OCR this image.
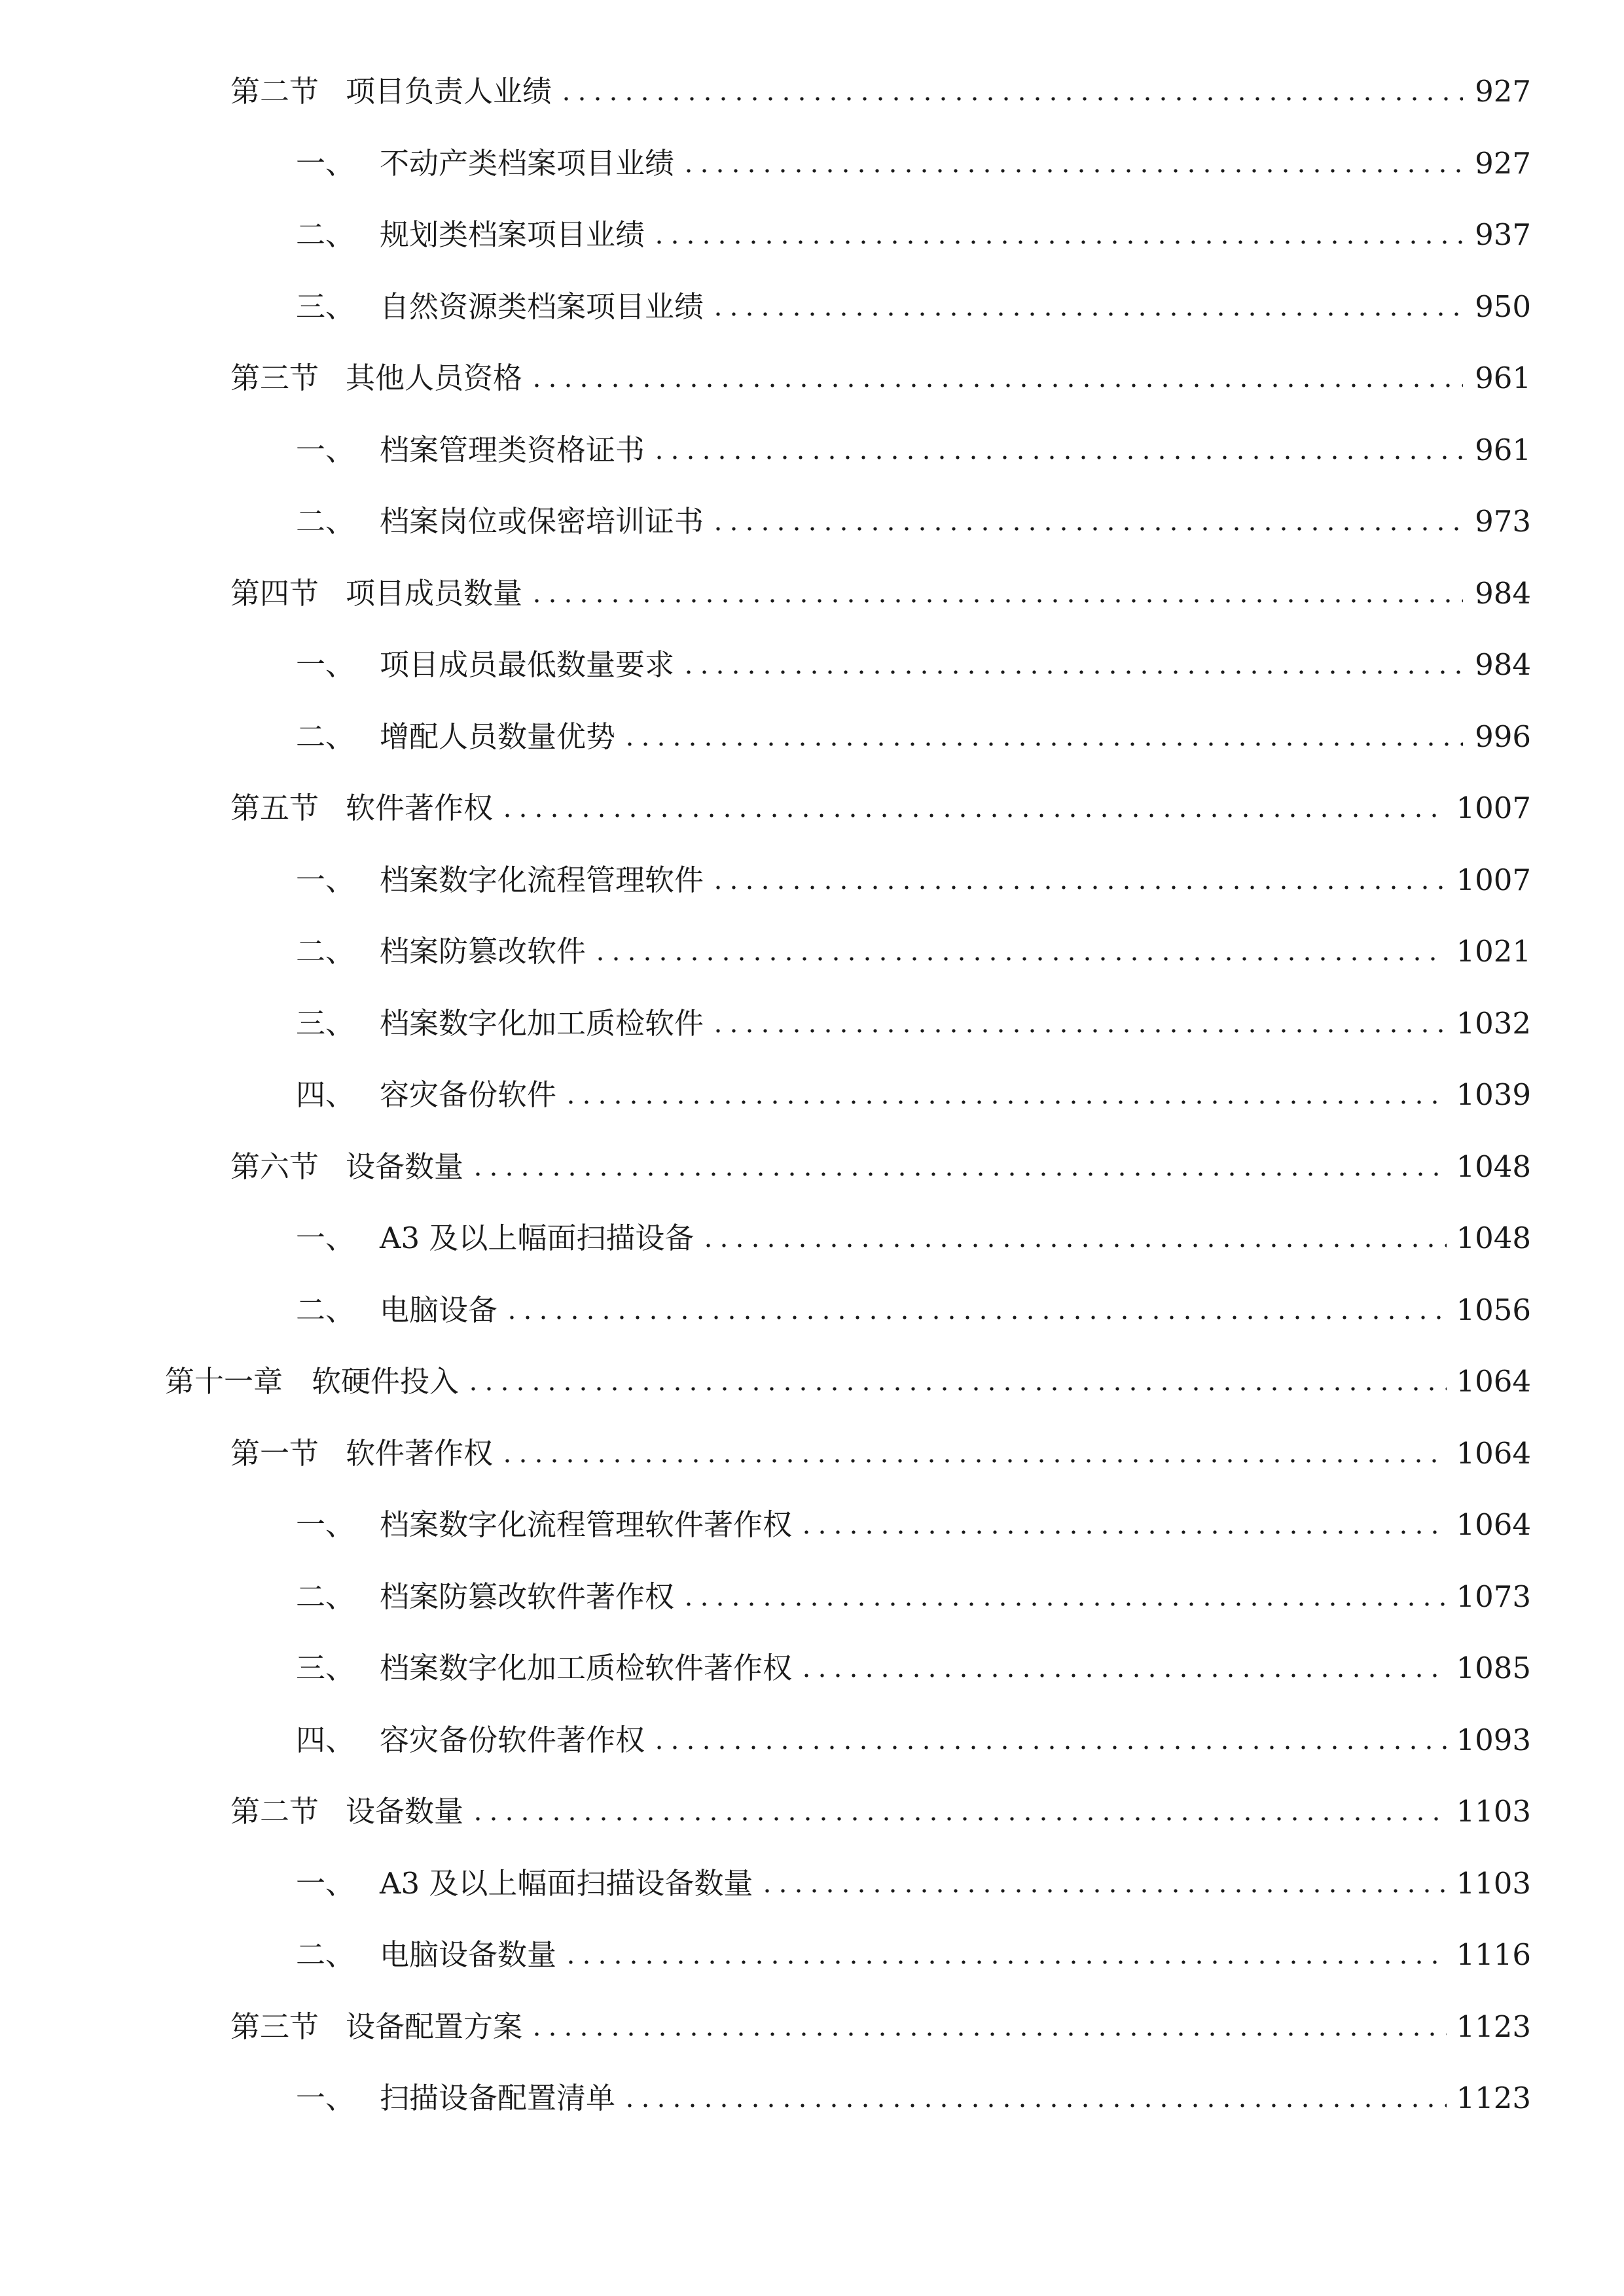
第二节 项目负责人业绩	927
一、 不动产类档案项目业绩	927
二、 规划类档案项目业绩	937
三、 自然资源类档案项目业绩	950
第三节 其他人员资格	961
一、 档案管理类资格证书	961
二、 档案岗位或保密培训证书	973
第四节 项目成员数量	984
一、 项目成员最低数量要求	984
二、 增配人员数量优势	996
第五节 软件著作权	1007
一、 档案数字化流程管理软件	1007
二、 档案防篡改软件	1021
三、 档案数字化加工质检软件	1032
四、 容灾备份软件	1039
第六节 设备数量	1048
一、 A3 及以上幅面扫描设备	1048
二、 电脑设备	1056
第十一章 软硬件投入	1064
第一节 软件著作权	1064
一、 档案数字化流程管理软件著作权	1064
二、 档案防篡改软件著作权	1073
三、 档案数字化加工质检软件著作权	1085
四、 容灾备份软件著作权	1093
第二节 设备数量	1103
一、 A3 及以上幅面扫描设备数量	1103
二、 电脑设备数量	1116
第三节 设备配置方案	1123
一、 扫描设备配置清单	1123
